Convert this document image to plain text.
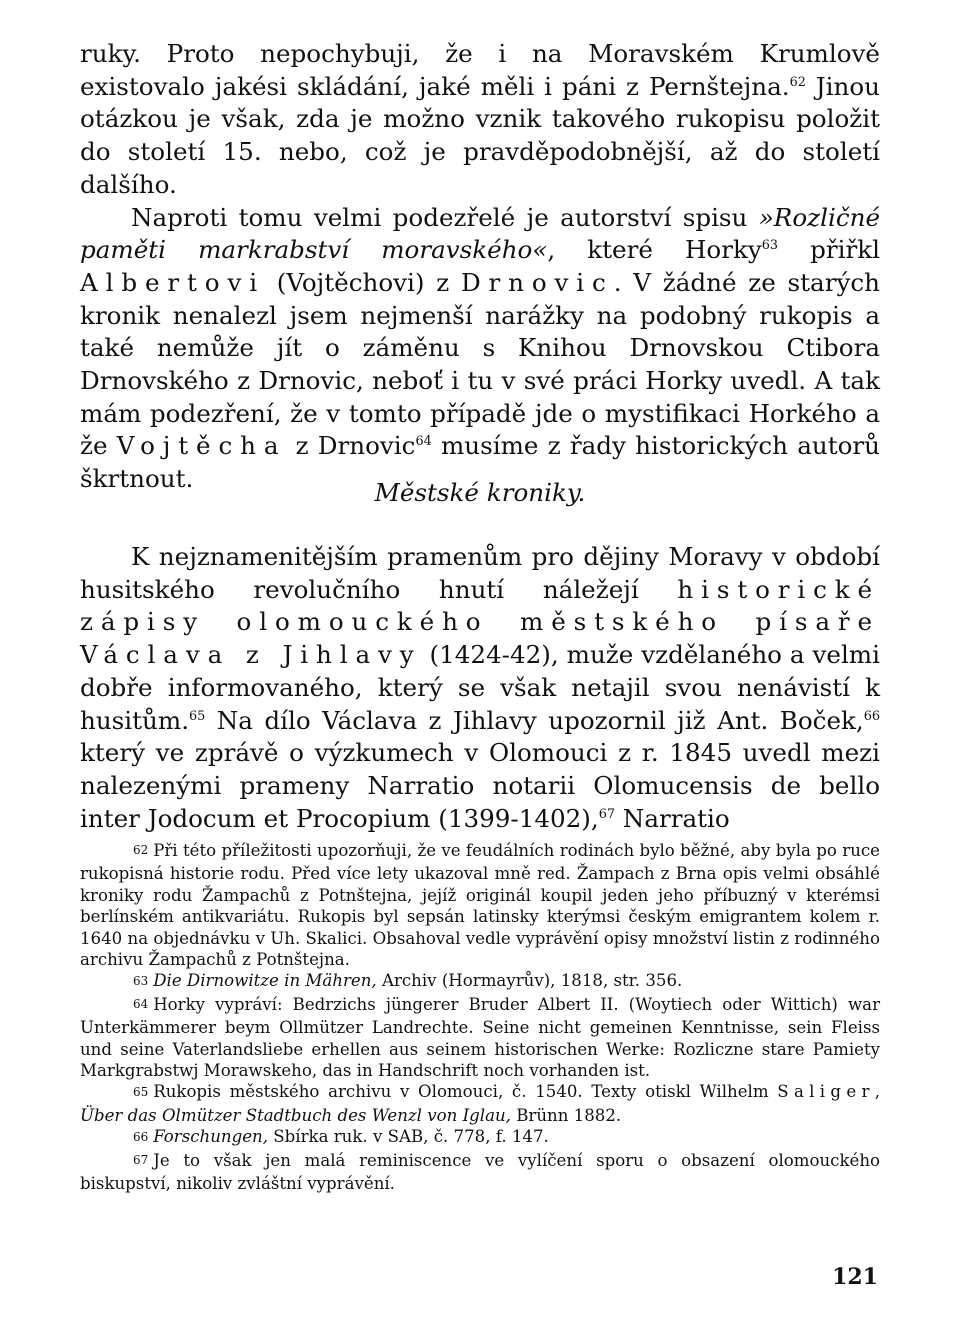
ruky. Proto nepochybuji, že i na Moravském Krumlově existovalo jakési skládání, jaké měli i páni z Pernštejna.$^{62}$ Jinou otázkou je však, zda je možno vznik takového rukopisu položit do století 15. nebo, což je pravděpodobnější, až do století dalšího.

Naproti tomu velmi podezřelé je autorství spisu »Rozličné paměti markrabství moravského«, které Horky$^{63}$ přiřkl Albertovi (Vojtěchovi) z Drnovic. V žádné ze starých kronik nenalezl jsem nejmenší narážky na podobný rukopis a také nemůže jít o záměnu s Knihou Drnovskou Ctibora Drnovského z Drnovic, neboť i tu v své práci Horky uvedl. A tak mám podezření, že v tomto případě jde o mystifikaci Horkého a že Vojtěcha z Drnovic$^{64}$ musíme z řady historických autorů škrtnout.	Městské kroniky.

K nejznamenitějším pramenům pro dějiny Moravy v období husitského revolučního hnutí náležejí historické zápisy olomouckého městského písaře Václava z Jihlavy (1424-42), muže vzdělaného a velmi dobře informovaného, který se však netajil svou nenávistí k husitům.$^{65}$ Na dílo Václava z Jihlavy upozornil již Ant. Boček,$^{66}$ který ve zprávě o výzkumech v Olomouci z r. 1845 uvedl mezi nalezenými prameny Narratio notarii Olomucensis de bello inter Jodocum et Procopium (1399-1402),$^{67}$ Narratio

62 Při této příležitosti upozorňuji, že ve feudálních rodinách bylo běžné, aby byla po ruce rukopisná historie rodu. Před více lety ukazoval mně red. Žampach z Brna opis velmi obsáhlé kroniky rodu Žampachů z Potnštejna, jejíž originál koupil jeden jeho příbuzný v kterémsi berlínském antikvariátu. Rukopis byl sepsán latinsky kterýmsi českým emigrantem kolem r. 1640 na objednávku v Uh. Skalici. Obsahoval vedle vyprávění opisy množství listin z rodinného archivu Žampachů z Potnštejna.

63 Die Dirnowitze in Mähren, Archiv (Hormayrův), 1818, str. 356.

64 Horky vypráví: Bedrzichs jüngerer Bruder Albert II. (Woytiech oder Wittich) war Unterkämmerer beym Ollmützer Landrechte. Seine nicht gemeinen Kenntnisse, sein Fleiss und seine Vaterlandsliebe erhellen aus seinem historischen Werke: Rozliczne stare Pamiety Markgrabstwj Morawskeho, das in Handschrift noch vorhanden ist.

65 Rukopis městského archivu v Olomouci, č. 1540. Texty otiskl Wilhelm Saliger, Über das Olmützer Stadtbuch des Wenzl von Iglau, Brünn 1882.

66 Forschungen, Sbírka ruk. v SAB, č. 778, f. 147.

67 Je to však jen malá reminiscence ve vylíčení sporu o obsazení olomouckého biskupství, nikoliv zvláštní vyprávění.

121
